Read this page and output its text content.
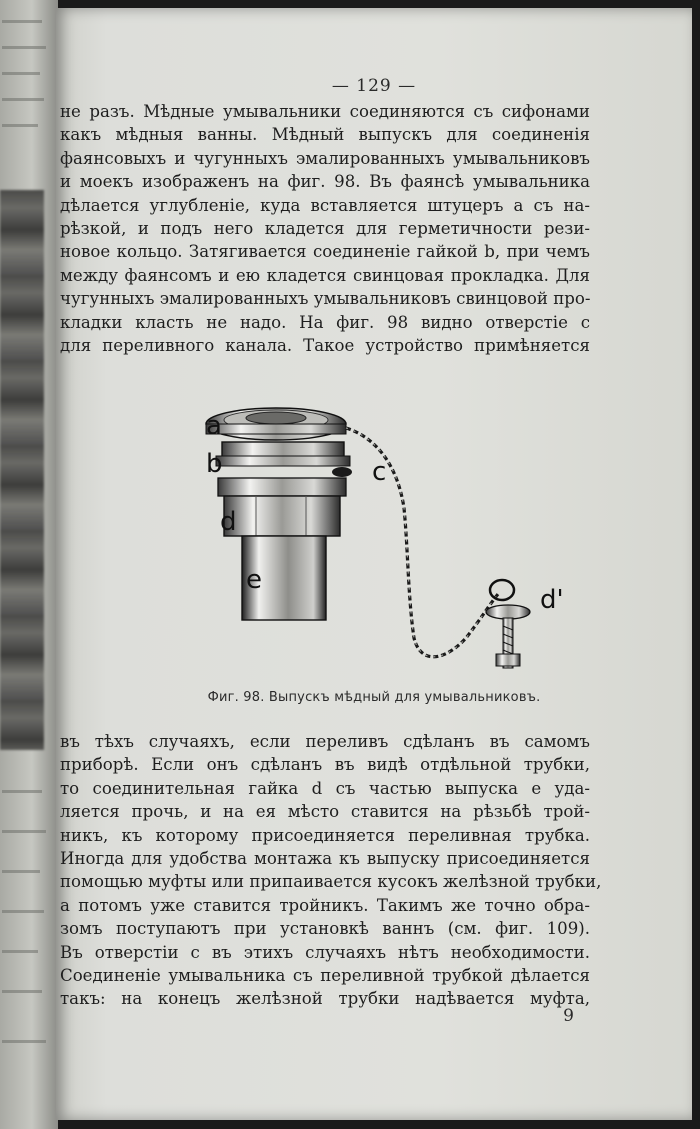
— 129 —
не разъ. Мѣдные умывальники соединяются съ сифонами
какъ мѣдныя ванны. Мѣдный выпускъ для соединенія
фаянсовыхъ и чугунныхъ эмалированныхъ умывальниковъ
и моекъ изображенъ на фиг. 98. Въ фаянсѣ умывальника
дѣлается углубленіе, куда вставляется штуцеръ a съ на-
рѣзкой, и подъ него кладется для герметичности рези-
новое кольцо. Затягивается соединеніе гайкой b, при чемъ
между фаянсомъ и ею кладется свинцовая прокладка. Для
чугунныхъ эмалированныхъ умывальниковъ свинцовой про-
кладки класть не надо. На фиг. 98 видно отверстіе c
для переливного канала. Такое устройство примѣняется
a
b	c
d
e
d'
Фиг. 98. Выпускъ мѣдный для умывальниковъ.
въ тѣхъ случаяхъ, если переливъ сдѣланъ въ самомъ
приборѣ. Если онъ сдѣланъ въ видѣ отдѣльной трубки,
то соединительная гайка d съ частью выпуска e уда-
ляется прочь, и на ея мѣсто ставится на рѣзьбѣ трой-
никъ, къ которому присоединяется переливная трубка.
Иногда для удобства монтажа къ выпуску присоединяется
помощью муфты или припаивается кусокъ желѣзной трубки,
а потомъ уже ставится тройникъ. Такимъ же точно обра-
зомъ поступаютъ при установкѣ ваннъ (см. фиг. 109).
Въ отверстіи c въ этихъ случаяхъ нѣтъ необходимости.
Соединеніе умывальника съ переливной трубкой дѣлается
такъ: на конецъ желѣзной трубки надѣвается муфта,
9
